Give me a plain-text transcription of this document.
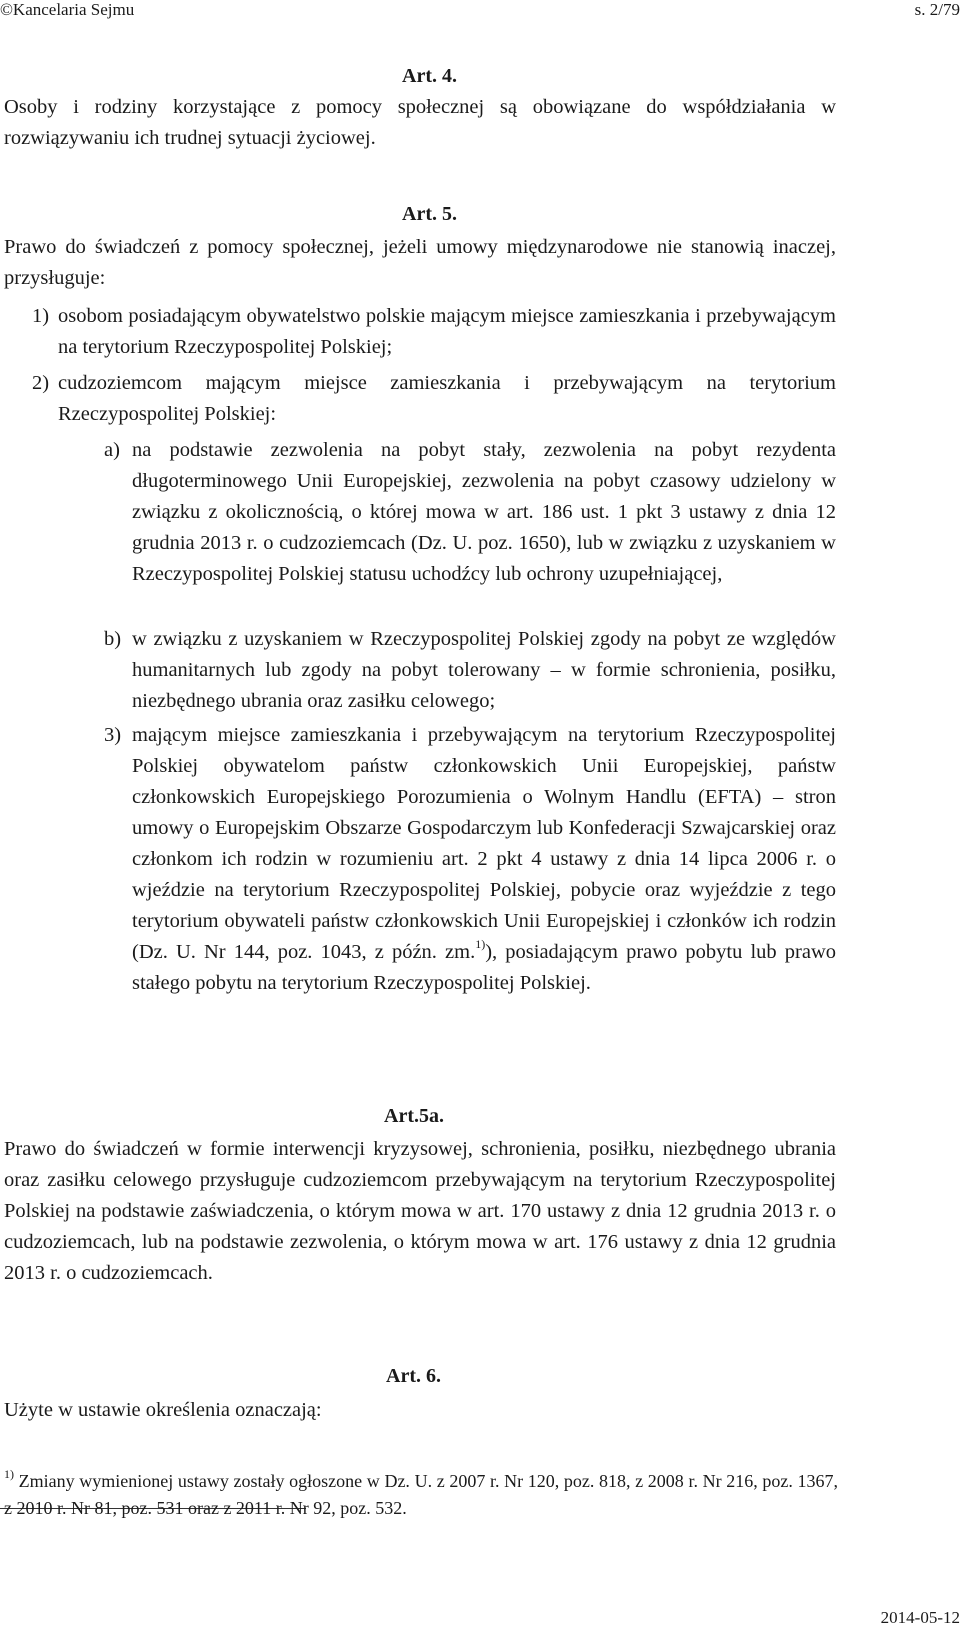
©Kancelaria Sejmu	s. 2/79
Art. 4.
Osoby i rodziny korzystające z pomocy społecznej są obowiązane do współdziałania w rozwiązywaniu ich trudnej sytuacji życiowej.
Art. 5.
Prawo do świadczeń z pomocy społecznej, jeżeli umowy międzynarodowe nie stanowią inaczej, przysługuje:
1) osobom posiadającym obywatelstwo polskie mającym miejsce zamieszkania i przebywającym na terytorium Rzeczypospolitej Polskiej;
2) cudzoziemcom mającym miejsce zamieszkania i przebywającym na terytorium Rzeczypospolitej Polskiej:
a) na podstawie zezwolenia na pobyt stały, zezwolenia na pobyt rezydenta długoterminowego Unii Europejskiej, zezwolenia na pobyt czasowy udzielony w związku z okolicznością, o której mowa w art. 186 ust. 1 pkt 3 ustawy z dnia 12 grudnia 2013 r. o cudzoziemcach (Dz. U. poz. 1650), lub w związku z uzyskaniem w Rzeczypospolitej Polskiej statusu uchodźcy lub ochrony uzupełniającej,
b) w związku z uzyskaniem w Rzeczypospolitej Polskiej zgody na pobyt ze względów humanitarnych lub zgody na pobyt tolerowany – w formie schronienia, posiłku, niezbędnego ubrania oraz zasiłku celowego;
3) mającym miejsce zamieszkania i przebywającym na terytorium Rzeczypospolitej Polskiej obywatelom państw członkowskich Unii Europejskiej, państw członkowskich Europejskiego Porozumienia o Wolnym Handlu (EFTA) – stron umowy o Europejskim Obszarze Gospodarczym lub Konfederacji Szwajcarskiej oraz członkom ich rodzin w rozumieniu art. 2 pkt 4 ustawy z dnia 14 lipca 2006 r. o wjeździe na terytorium Rzeczypospolitej Polskiej, pobycie oraz wyjeździe z tego terytorium obywateli państw członkowskich Unii Europejskiej i członków ich rodzin (Dz. U. Nr 144, poz. 1043, z późn. zm.$^{1)}$), posiadającym prawo pobytu lub prawo stałego pobytu na terytorium Rzeczypospolitej Polskiej.
Art.5a.
Prawo do świadczeń w formie interwencji kryzysowej, schronienia, posiłku, niezbędnego ubrania oraz zasiłku celowego przysługuje cudzoziemcom przebywającym na terytorium Rzeczypospolitej Polskiej na podstawie zaświadczenia, o którym mowa w art. 170 ustawy z dnia 12 grudnia 2013 r. o cudzoziemcach, lub na podstawie zezwolenia, o którym mowa w art. 176 ustawy z dnia 12 grudnia 2013 r. o cudzoziemcach.
Art. 6.
Użyte w ustawie określenia oznaczają:
$^{1)}$ Zmiany wymienionej ustawy zostały ogłoszone w Dz. U. z 2007 r. Nr 120, poz. 818, z 2008 r. Nr 216, poz. 1367, z 2010 r. Nr 81, poz. 531 oraz z 2011 r. Nr 92, poz. 532.
2014-05-12
